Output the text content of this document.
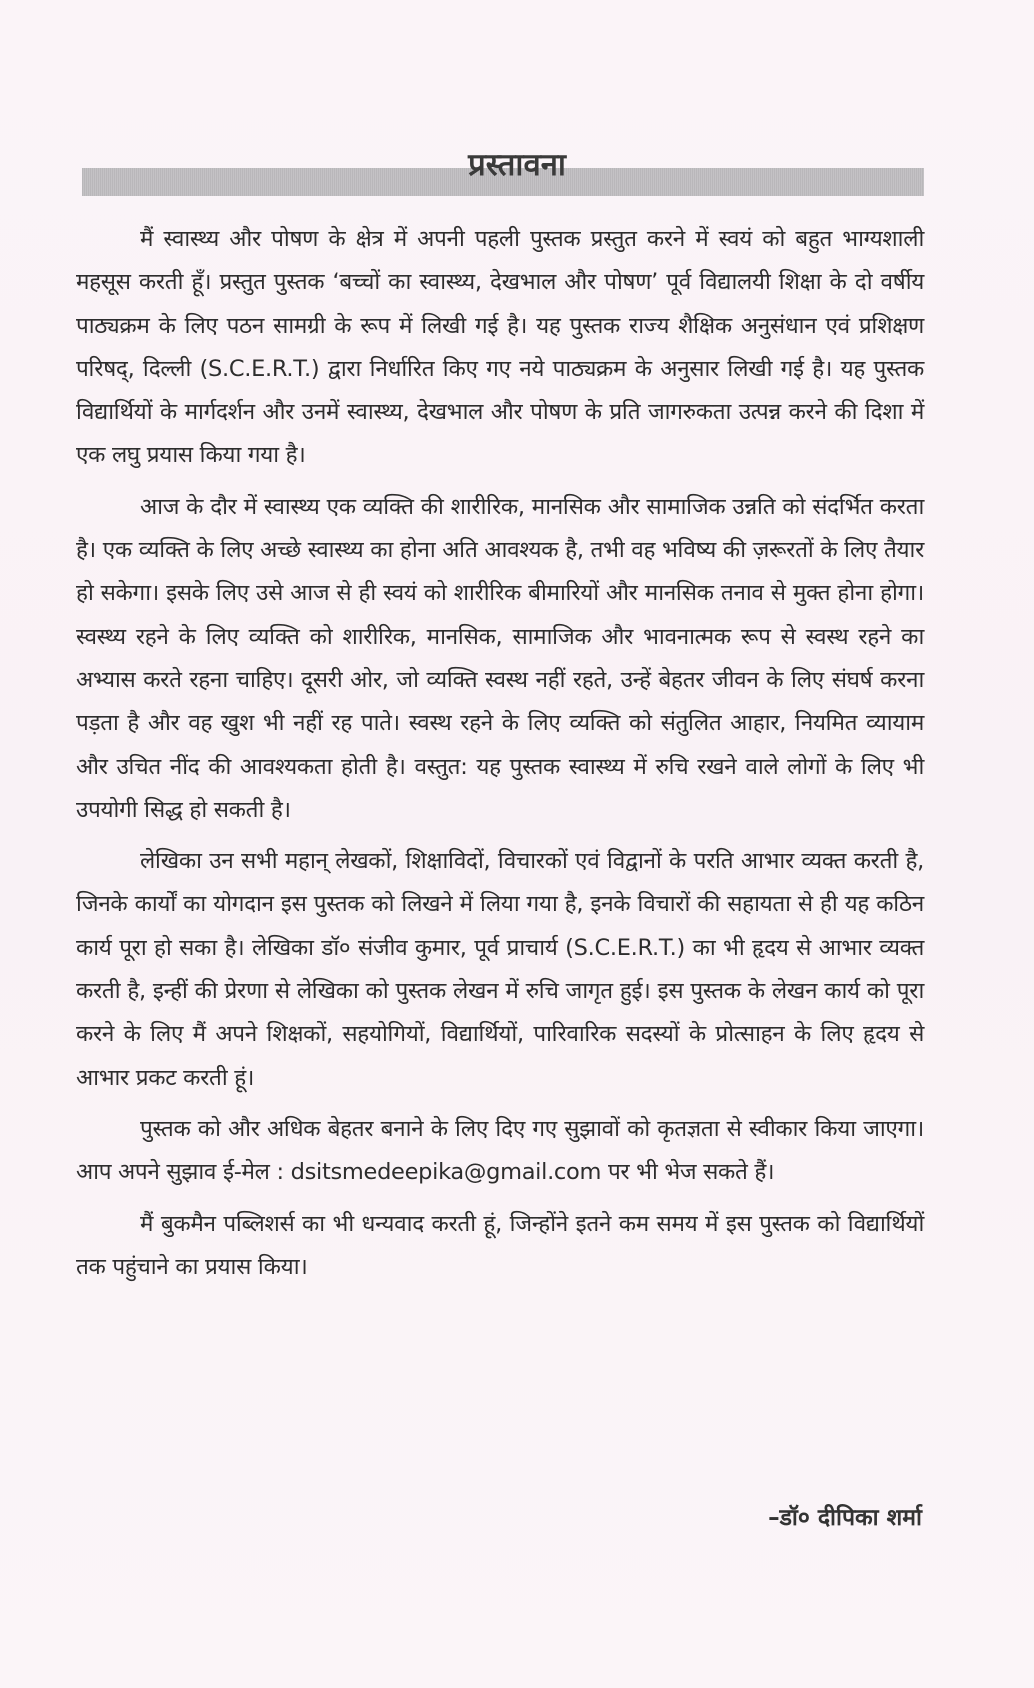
प्रस्तावना

मैं स्वास्थ्य और पोषण के क्षेत्र में अपनी पहली पुस्तक प्रस्तुत करने में स्वयं को बहुत भाग्यशाली महसूस करती हूँ। प्रस्तुत पुस्तक ‘बच्चों का स्वास्थ्य, देखभाल और पोषण’ पूर्व विद्यालयी शिक्षा के दो वर्षीय पाठ्यक्रम के लिए पठन सामग्री के रूप में लिखी गई है। यह पुस्तक राज्य शैक्षिक अनुसंधान एवं प्रशिक्षण परिषद्, दिल्ली (S.C.E.R.T.) द्वारा निर्धारित किए गए नये पाठ्यक्रम के अनुसार लिखी गई है। यह पुस्तक विद्यार्थियों के मार्गदर्शन और उनमें स्वास्थ्य, देखभाल और पोषण के प्रति जागरुकता उत्पन्न करने की दिशा में एक लघु प्रयास किया गया है।

आज के दौर में स्वास्थ्य एक व्यक्ति की शारीरिक, मानसिक और सामाजिक उन्नति को संदर्भित करता है। एक व्यक्ति के लिए अच्छे स्वास्थ्य का होना अति आवश्यक है, तभी वह भविष्य की ज़रूरतों के लिए तैयार हो सकेगा। इसके लिए उसे आज से ही स्वयं को शारीरिक बीमारियों और मानसिक तनाव से मुक्त होना होगा। स्वस्थ्य रहने के लिए व्यक्ति को शारीरिक, मानसिक, सामाजिक और भावनात्मक रूप से स्वस्थ रहने का अभ्यास करते रहना चाहिए। दूसरी ओर, जो व्यक्ति स्वस्थ नहीं रहते, उन्हें बेहतर जीवन के लिए संघर्ष करना पड़ता है और वह खुश भी नहीं रह पाते। स्वस्थ रहने के लिए व्यक्ति को संतुलित आहार, नियमित व्यायाम और उचित नींद की आवश्यकता होती है। वस्तुत: यह पुस्तक स्वास्थ्य में रुचि रखने वाले लोगों के लिए भी उपयोगी सिद्ध हो सकती है।

लेखिका उन सभी महान् लेखकों, शिक्षाविदों, विचारकों एवं विद्वानों के परति आभार व्यक्त करती है, जिनके कार्यों का योगदान इस पुस्तक को लिखने में लिया गया है, इनके विचारों की सहायता से ही यह कठिन कार्य पूरा हो सका है। लेखिका डॉ० संजीव कुमार, पूर्व प्राचार्य (S.C.E.R.T.) का भी हृदय से आभार व्यक्त करती है, इन्हीं की प्रेरणा से लेखिका को पुस्तक लेखन में रुचि जागृत हुई। इस पुस्तक के लेखन कार्य को पूरा करने के लिए मैं अपने शिक्षकों, सहयोगियों, विद्यार्थियों, पारिवारिक सदस्यों के प्रोत्साहन के लिए हृदय से आभार प्रकट करती हूं।

पुस्तक को और अधिक बेहतर बनाने के लिए दिए गए सुझावों को कृतज्ञता से स्वीकार किया जाएगा। आप अपने सुझाव ई-मेल : dsitsmedeepika@gmail.com पर भी भेज सकते हैं।

मैं बुकमैन पब्लिशर्स का भी धन्यवाद करती हूं, जिन्होंने इतने कम समय में इस पुस्तक को विद्यार्थियों तक पहुंचाने का प्रयास किया।

–डॉ० दीपिका शर्मा
